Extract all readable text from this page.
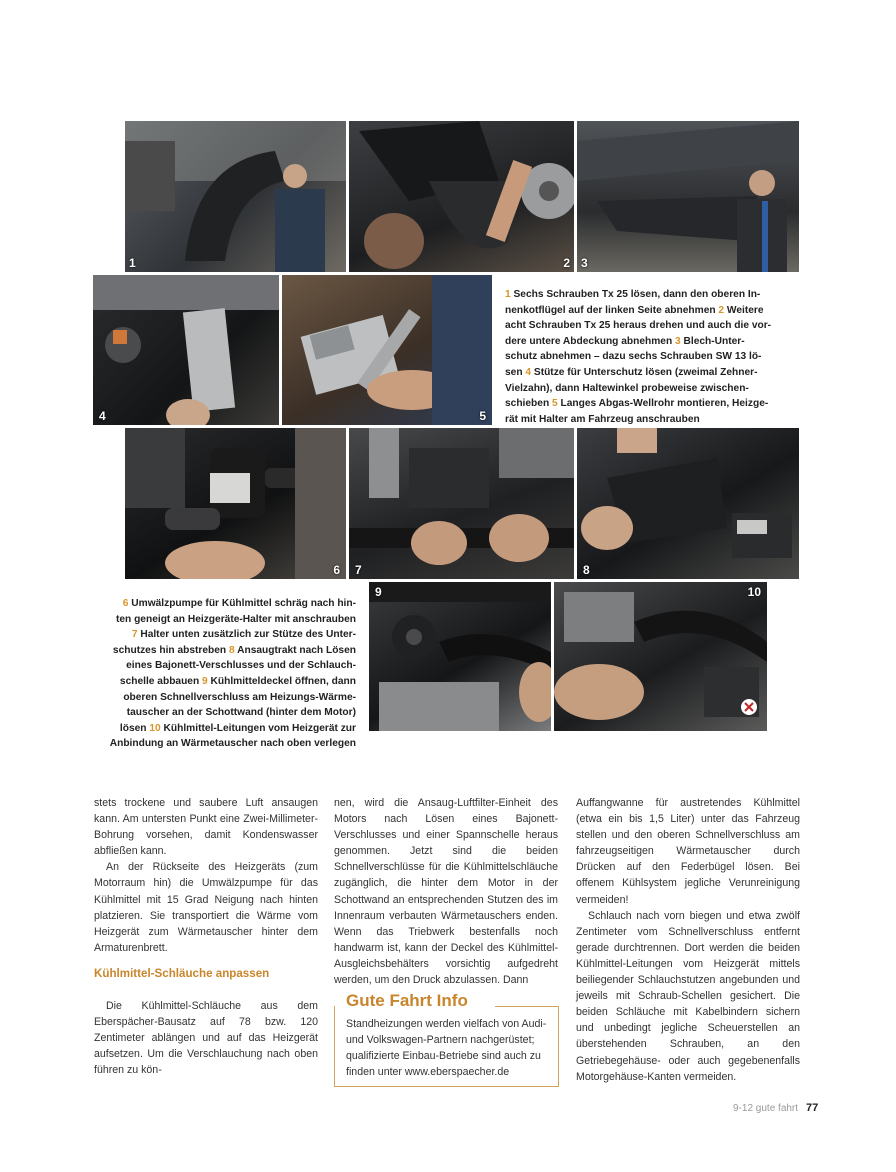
1	2 3
4	5
1 Sechs Schrauben Tx 25 lösen, dann den oberen In-
nenkotflügel auf der linken Seite abnehmen 2 Weitere
acht Schrauben Tx 25 heraus drehen und auch die vor-
dere untere Abdeckung abnehmen 3 Blech-Unter-
schutz abnehmen – dazu sechs Schrauben SW 13 lö-
sen 4 Stütze für Unterschutz lösen (zweimal Zehner-
Vielzahn), dann Haltewinkel probeweise zwischen-
schieben 5 Langes Abgas-Wellrohr montieren, Heizge-
rät mit Halter am Fahrzeug anschrauben
6 7	8
6 Umwälzpumpe für Kühlmittel schräg nach hin-
ten geneigt an Heizgeräte-Halter mit anschrauben
7 Halter unten zusätzlich zur Stütze des Unter-
schutzes hin abstreben 8 Ansaugtrakt nach Lösen
eines Bajonett-Verschlusses und der Schlauch-
schelle abbauen 9 Kühlmitteldeckel öffnen, dann
oberen Schnellverschluss am Heizungs-Wärme-
tauscher an der Schottwand (hinter dem Motor)
lösen 10 Kühlmittel-Leitungen vom Heizgerät zur
Anbindung an Wärmetauscher nach oben verlegen
9	10

stets trockene und saubere Luft ansaugen kann. Am untersten Punkt eine Zwei-Millimeter-Bohrung vorsehen, damit Kondenswasser abfließen kann.

An der Rückseite des Heizgeräts (zum Motorraum hin) die Umwälzpumpe für das Kühlmittel mit 15 Grad Neigung nach hinten platzieren. Sie transportiert die Wärme vom Heizgerät zum Wärmetauscher hinter dem Armaturenbrett.

Kühlmittel-Schläuche anpassen

Die Kühlmittel-Schläuche aus dem Eberspächer-Bausatz auf 78 bzw. 120 Zentimeter ablängen und auf das Heizgerät aufsetzen. Um die Verschlauchung nach oben führen zu kön-

nen, wird die Ansaug-Luftfilter-Einheit des Motors nach Lösen eines Bajonett-Verschlusses und einer Spannschelle heraus genommen. Jetzt sind die beiden Schnellverschlüsse für die Kühlmittelschläuche zugänglich, die hinter dem Motor in der Schottwand an entsprechenden Stutzen des im Innenraum verbauten Wärmetauschers enden. Wenn das Triebwerk bestenfalls noch handwarm ist, kann der Deckel des Kühlmittel-Ausgleichsbehälters vorsichtig aufgedreht werden, um den Druck abzulassen. Dann

Gute Fahrt Info
Standheizungen werden vielfach von Audi- und Volkswagen-Partnern nachgerüstet; qualifizierte Einbau-Betriebe sind auch zu finden unter www.eberspaecher.de

Auffangwanne für austretendes Kühlmittel (etwa ein bis 1,5 Liter) unter das Fahrzeug stellen und den oberen Schnellverschluss am fahrzeugseitigen Wärmetauscher durch Drücken auf den Federbügel lösen. Bei offenem Kühlsystem jegliche Verunreinigung vermeiden!

Schlauch nach vorn biegen und etwa zwölf Zentimeter vom Schnellverschluss entfernt gerade durchtrennen. Dort werden die beiden Kühlmittel-Leitungen vom Heizgerät mittels beiliegender Schlauchstutzen angebunden und jeweils mit Schraub-Schellen gesichert. Die beiden Schläuche mit Kabelbindern sichern und unbedingt jegliche Scheuerstellen an überstehenden Schrauben, an den Getriebegehäuse- oder auch gegebenenfalls Motorgehäuse-Kanten vermeiden.

9-12 gute fahrt 77
